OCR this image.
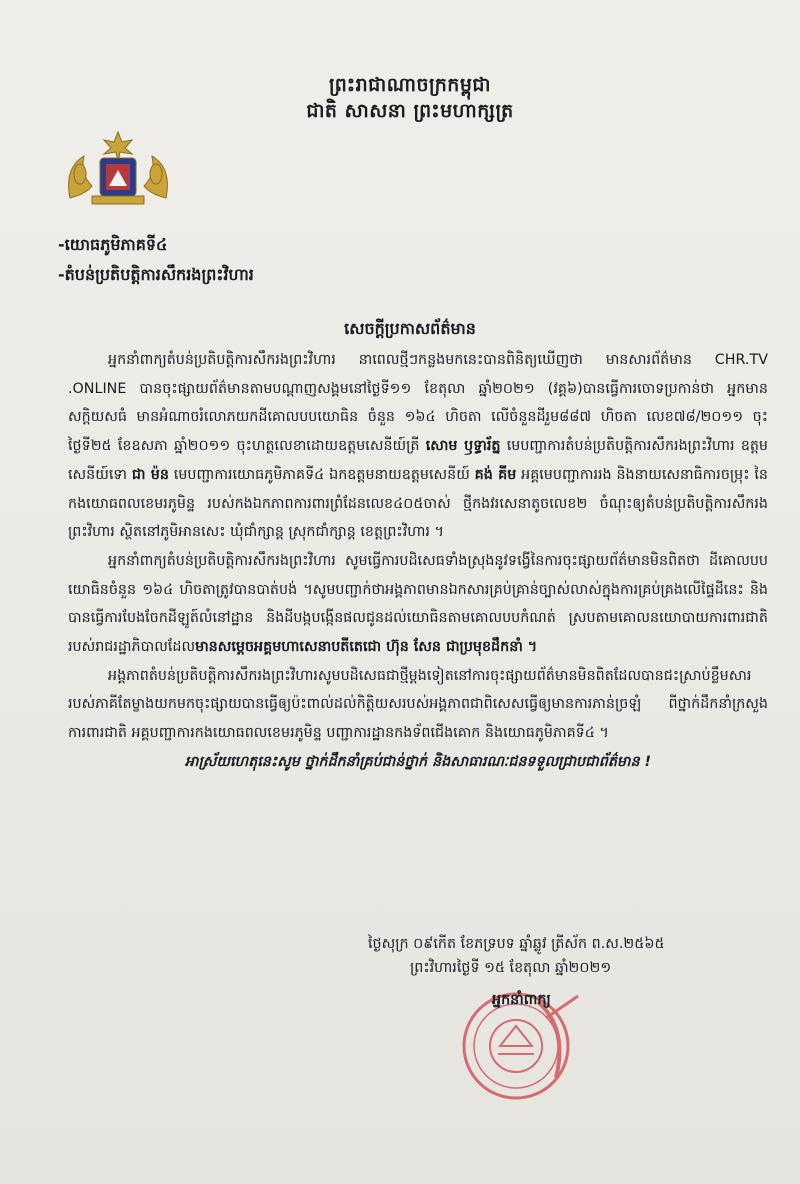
ព្រះរាជាណាចក្រកម្ពុជា
ជាតិ សាសនា ព្រះមហាក្សត្រ
-យោធភូមិភាគទី៤
-តំបន់ប្រតិបត្តិការសឹករងព្រះវិហារ
សេចក្តីប្រកាសព័ត៌មាន

អ្នកនាំពាក្យតំបន់ប្រតិបត្តិការសឹករងព្រះវិហារ នាពេលថ្មីៗកន្លងមកនេះបានពិនិត្យឃើញថា មានសារព័ត៌មាន CHR.TV .ONLINE បានចុះផ្សាយព័ត៌មានតាមបណ្តាញសង្គមនៅថ្ងៃទី១១ ខែតុលា ឆ្នាំ២០២១ (វគ្គ៦)បានធ្វើការចោទប្រកាន់ថា អ្នកមានសក្តិយសធំ មានអំណាចរំលោភយកដីគោលបបយោធិន ចំនួន ១៦៤ ហិចតា លើចំនួនដីរួម៨៨៧ ហិចតា លេខ៧៨/២០១១ ចុះថ្ងៃទី២៥ ខែឧសភា ឆ្នាំ២០១១ ចុះហត្ថលេខាដោយឧត្តមសេនីយ៍ត្រី សោម ឫទ្ធារ័ត្ន មេបញ្ជាការតំបន់ប្រតិបត្តិការសឹករងព្រះវិហារ ឧត្តមសេនីយ៍ទោ ជា ម៉ន មេបញ្ជាការយោធភូមិភាគទី៤ ឯកឧត្តមនាយឧត្តមសេនីយ៍ គង់ គីម អគ្គមេបញ្ជាការរង និងនាយសេនាធិការចម្រុះ នៃកងយោធពលខេមរភូមិន្ទ របស់កងឯកភាពការពារព្រំដែនលេខ៤០៥ចាស់ ថ្មីកងវរសេនាតូចលេខ២ ចំណុះឲ្យតំបន់ប្រតិបត្តិការសឹករងព្រះវិហារ ស្ថិតនៅភូមិអានសេះ ឃុំជាំក្សាន្ត ស្រុកជាំក្សាន្ត ខេត្តព្រះវិហារ ។

អ្នកនាំពាក្យតំបន់ប្រតិបត្តិការសឹករងព្រះវិហារ សូមធ្វើការបដិសេធទាំងស្រុងនូវទង្វើនៃការចុះផ្សាយព័ត៌មានមិនពិតថា ដីគោលបបយោធិនចំនួន ១៦៤ ហិចតាត្រូវបានបាត់បង់ ។សូមបញ្ជាក់ថាអង្គភាពមានឯកសារគ្រប់គ្រាន់ច្បាស់លាស់ក្នុងការគ្រប់គ្រងលើផ្ទៃដីនេះ និងបានធ្វើការបែងចែកដីឡូត៍លំនៅដ្ឋាន និងដីបង្កបង្កើនផលជូនដល់យោធិនតាមគោលបបកំណត់ ស្របតាមគោលនយោបាយការពារជាតិ របស់រាជរដ្ឋាភិបាលដែលមានសម្តេចអគ្គមហាសេនាបតីតេជោ ហ៊ុន សែន ជាប្រមុខដឹកនាំ ។

អង្គភាពតំបន់ប្រតិបត្តិការសឹករងព្រះវិហារសូមបដិសេធជាថ្មីម្តងទៀតនៅការចុះផ្សាយព័ត៌មានមិនពិតដែលបានជះស្រាប់ខ្លឹមសារ របស់ភាគីតែម្ខាងយកមកចុះផ្សាយបានធ្វើឲ្យប៉ះពាល់ដល់កិត្តិយសរបស់អង្គភាពជាពិសេសធ្វើឲ្យមានការភាន់ច្រឡំ ពីថ្នាក់ដឹកនាំក្រសួងការពារជាតិ អគ្គបញ្ជាការកងយោធពលខេមរភូមិន្ទ បញ្ជាការដ្ឋានកងទ័ពជើងគោក និងយោធភូមិភាគទី៤ ។

អាស្រ័យហេតុនេះសូម ថ្នាក់ដឹកនាំគ្រប់ជាន់ថ្នាក់ និងសាធារណៈជនទទួលជ្រាបជាព័ត៌មាន !

ថ្ងៃសុក្រ ០៩កើត ខែភទ្របទ ឆ្នាំឆ្លូវ ត្រីស័ក ព.ស.២៥៦៥
ព្រះវិហារថ្ងៃទី ១៥ ខែតុលា ឆ្នាំ២០២១
អ្នកនាំពាក្យ
